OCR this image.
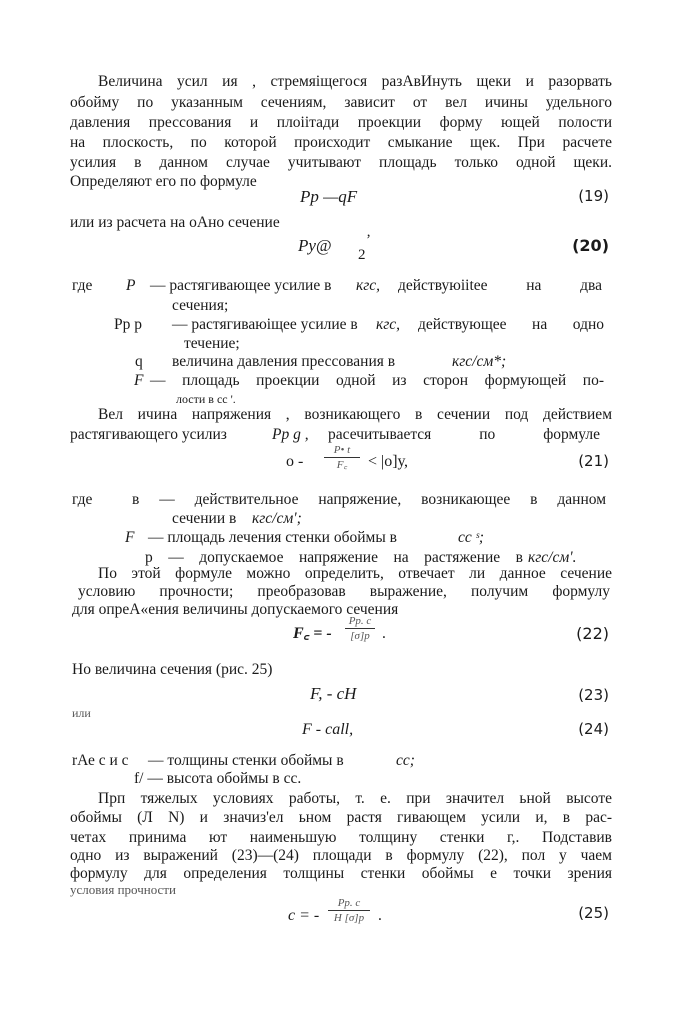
Величина усил ия , стремяiщегося разАвИнуть щеки и разорвать
обойму по указанным сечениям, зависит от вел ичины удельного
давления прессования и плоiiтади проекции форму ющей полости
на плоскость, по которой происходит смыкание щек. При расчете
усилия в данном случае учитывают площадь только одной щеки.
Определяют его по формуле
Pp —qF	(19)
или из расчета на оАно сечение
Py@ ’
2	(20)
где P — растягивающее усилие в кгс, действуюiitee на два
сечения;
Pp p — растягиваюiщее усилие в кгс, действующее на одно
течение;
q величина давления прессования в	кгс/см*;
F — площадь проекции одной из сторон формующей по-
лости в сс '.
Вел ичина напряжения , возникающего в сечении под действием
растягивающего усилиз	Pp g , расечитывается по формуле
о -
P• t
F꜀	< |о]у,	(21)
где	в — действительное напряжение, возникающее в данном
сечении в кгс/см';
F — площадь лечения стенки обоймы в	сс ˢ;
p — допускаемое напряжение на растяжение в кгс/см'.
По этой формуле можно определить, отвечает ли данное сечение
условию прочности; преобразовав выражение, получим формулу
для опреА«ения величины допускаемого сечения
F꜀ = -
Pp. c
[σ]p .	(22)
Но величина сечения (рис. 25)
F, - cH	(23)
или
F - call,	(24)
rАе с и с — толщины стенки обоймы в	сс;
f/ — высота обоймы в сс.
Прп тяжелых условиях работы, т. е. при значител ьной высоте
обоймы (Л N) и значиз'ел ьном растя гивающем усили и, в рас-
четах принима ют наименьшую толщину стенки г,. Подставив
одно из выражений (23)—(24) площади в формулу (22), пол у чаем
формулу для определения толщины стенки обоймы е точки зрения
условия прочности
c = -
Pp. c
H [σ]p .	(25)
